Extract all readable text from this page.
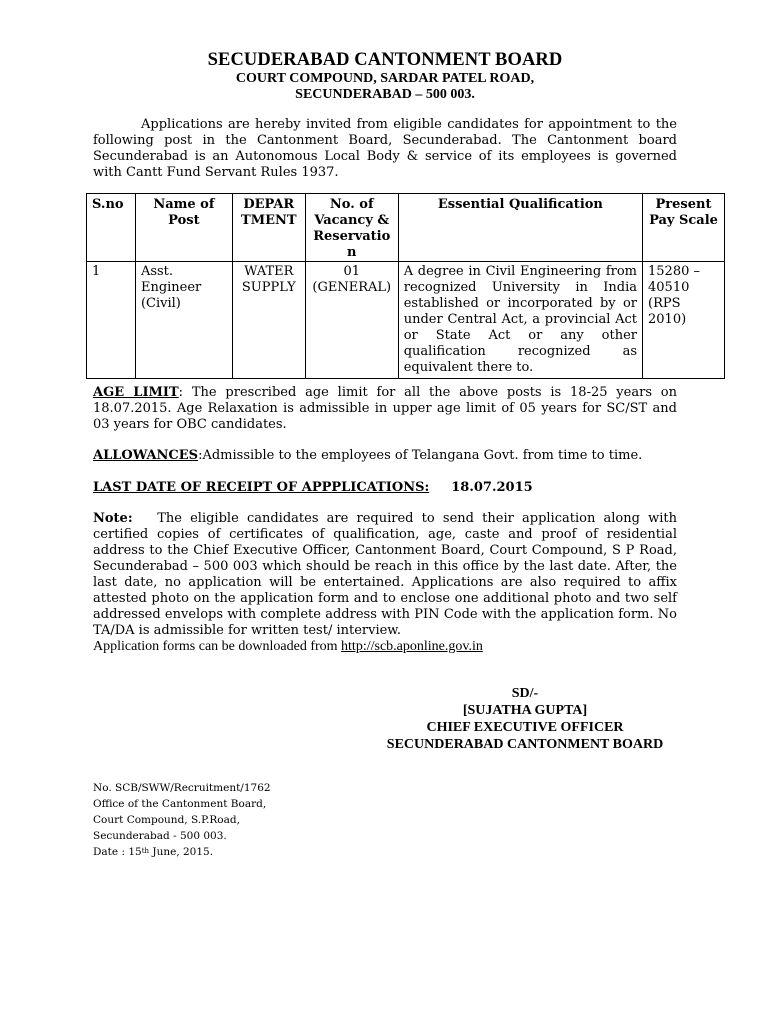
SECUDERABAD CANTONMENT BOARD
COURT COMPOUND, SARDAR PATEL ROAD,
SECUNDERABAD – 500 003.

Applications are hereby invited from eligible candidates for appointment to the following post in the Cantonment Board, Secunderabad. The Cantonment board Secunderabad is an Autonomous Local Body & service of its employees is governed with Cantt Fund Servant Rules 1937.

S.no	Name of Post	DEPAR TMENT	No. of Vacancy & Reservatio n	Essential Qualification	Present Pay Scale
1	Asst. Engineer (Civil)	WATER SUPPLY	01 (GENERAL)	A degree in Civil Engineering from recognized University in India established or incorporated by or under Central Act, a provincial Act or State Act or any other qualification recognized as equivalent there to.	15280 – 40510 (RPS 2010)

AGE LIMIT: The prescribed age limit for all the above posts is 18-25 years on 18.07.2015. Age Relaxation is admissible in upper age limit of 05 years for SC/ST and 03 years for OBC candidates.

ALLOWANCES:Admissible to the employees of Telangana Govt. from time to time.

LAST DATE OF RECEIPT OF APPPLICATIONS: 18.07.2015

Note: The eligible candidates are required to send their application along with certified copies of certificates of qualification, age, caste and proof of residential address to the Chief Executive Officer, Cantonment Board, Court Compound, S P Road, Secunderabad – 500 003 which should be reach in this office by the last date. After, the last date, no application will be entertained. Applications are also required to affix attested photo on the application form and to enclose one additional photo and two self addressed envelops with complete address with PIN Code with the application form. No TA/DA is admissible for written test/ interview.

Application forms can be downloaded from http://scb.aponline.gov.in

SD/-
[SUJATHA GUPTA]
CHIEF EXECUTIVE OFFICER
SECUNDERABAD CANTONMENT BOARD
No. SCB/SWW/Recruitment/1762
Office of the Cantonment Board,
Court Compound, S.P.Road,
Secunderabad - 500 003.
Date : 15th June, 2015.
